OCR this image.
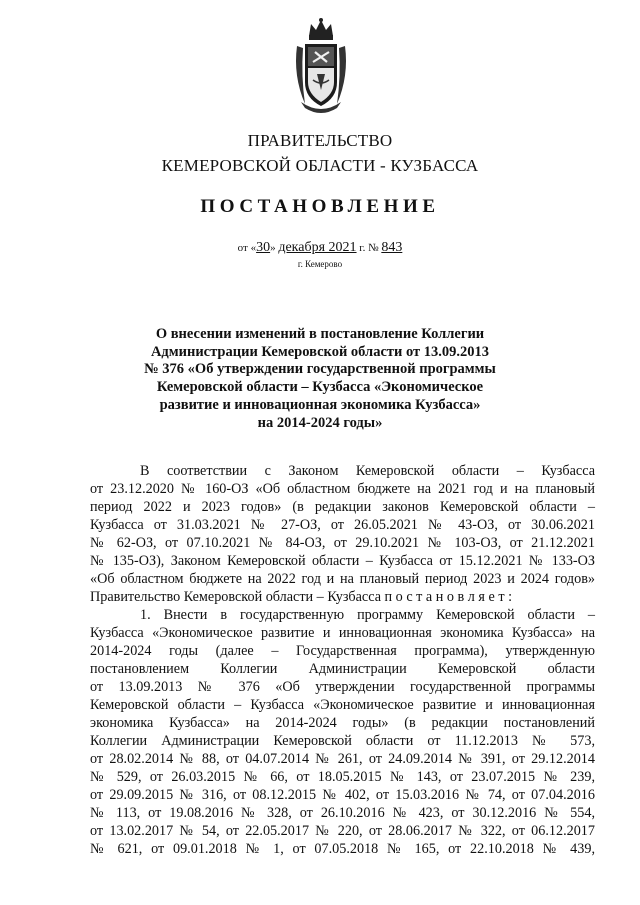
ПРАВИТЕЛЬСТВО
КЕМЕРОВСКОЙ ОБЛАСТИ - КУЗБАССА
ПОСТАНОВЛЕНИЕ
от «30» декабря 2021 г. № 843
г. Кемерово
О внесении изменений в постановление Коллегии
Администрации Кемеровской области от 13.09.2013
№ 376 «Об утверждении государственной программы
Кемеровской области – Кузбасса «Экономическое
развитие и инновационная экономика Кузбасса»
на 2014-2024 годы»
В соответствии с Законом Кемеровской области – Кузбасса
от 23.12.2020 № 160-ОЗ «Об областном бюджете на 2021 год и на плановый
период 2022 и 2023 годов» (в редакции законов Кемеровской области –
Кузбасса от 31.03.2021 № 27-ОЗ, от 26.05.2021 № 43-ОЗ, от 30.06.2021
№ 62-ОЗ, от 07.10.2021 № 84-ОЗ, от 29.10.2021 № 103-ОЗ, от 21.12.2021
№ 135-ОЗ), Законом Кемеровской области – Кузбасса от 15.12.2021 № 133-ОЗ
«Об областном бюджете на 2022 год и на плановый период 2023 и 2024 годов»
Правительство Кемеровской области – Кузбасса п о с т а н о в л я е т :
1. Внести в государственную программу Кемеровской области –
Кузбасса «Экономическое развитие и инновационная экономика Кузбасса» на
2014-2024 годы (далее – Государственная программа), утвержденную
постановлением Коллегии Администрации Кемеровской области
от 13.09.2013 № 376 «Об утверждении государственной программы
Кемеровской области – Кузбасса «Экономическое развитие и инновационная
экономика Кузбасса» на 2014-2024 годы» (в редакции постановлений
Коллегии Администрации Кемеровской области от 11.12.2013 № 573,
от 28.02.2014 № 88, от 04.07.2014 № 261, от 24.09.2014 № 391, от 29.12.2014
№ 529, от 26.03.2015 № 66, от 18.05.2015 № 143, от 23.07.2015 № 239,
от 29.09.2015 № 316, от 08.12.2015 № 402, от 15.03.2016 № 74, от 07.04.2016
№ 113, от 19.08.2016 № 328, от 26.10.2016 № 423, от 30.12.2016 № 554,
от 13.02.2017 № 54, от 22.05.2017 № 220, от 28.06.2017 № 322, от 06.12.2017
№ 621, от 09.01.2018 № 1, от 07.05.2018 № 165, от 22.10.2018 № 439,
